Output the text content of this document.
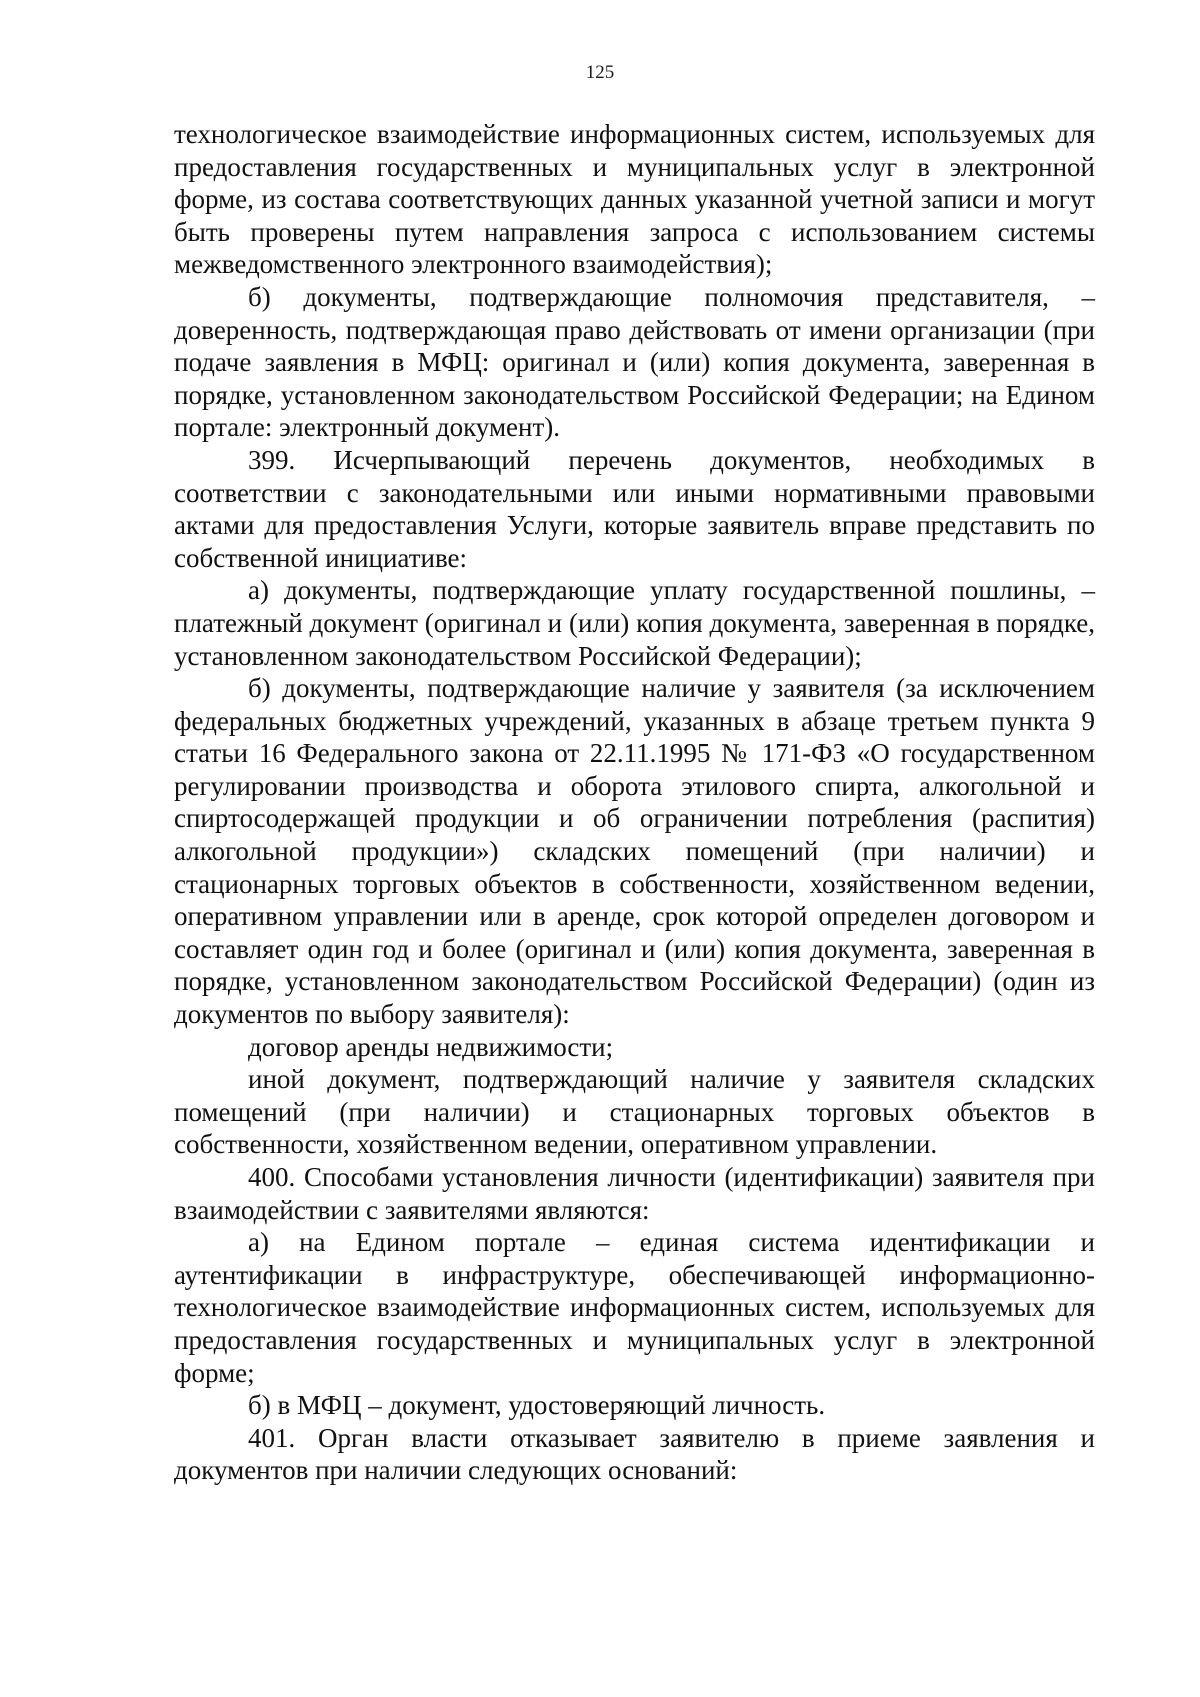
125

технологическое взаимодействие информационных систем, используемых для предоставления государственных и муниципальных услуг в электронной форме, из состава соответствующих данных указанной учетной записи и могут быть проверены путем направления запроса с использованием системы межведомственного электронного взаимодействия);

б) документы, подтверждающие полномочия представителя, – доверенность, подтверждающая право действовать от имени организации (при подаче заявления в МФЦ: оригинал и (или) копия документа, заверенная в порядке, установленном законодательством Российской Федерации; на Едином портале: электронный документ).

399. Исчерпывающий перечень документов, необходимых в соответствии с законодательными или иными нормативными правовыми актами для предоставления Услуги, которые заявитель вправе представить по собственной инициативе:

а) документы, подтверждающие уплату государственной пошлины, – платежный документ (оригинал и (или) копия документа, заверенная в порядке, установленном законодательством Российской Федерации);

б) документы, подтверждающие наличие у заявителя (за исключением федеральных бюджетных учреждений, указанных в абзаце третьем пункта 9 статьи 16 Федерального закона от 22.11.1995 № 171-ФЗ «О государственном регулировании производства и оборота этилового спирта, алкогольной и спиртосодержащей продукции и об ограничении потребления (распития) алкогольной продукции») складских помещений (при наличии) и стационарных торговых объектов в собственности, хозяйственном ведении, оперативном управлении или в аренде, срок которой определен договором и составляет один год и более (оригинал и (или) копия документа, заверенная в порядке, установленном законодательством Российской Федерации) (один из документов по выбору заявителя):

договор аренды недвижимости;

иной документ, подтверждающий наличие у заявителя складских помещений (при наличии) и стационарных торговых объектов в собственности, хозяйственном ведении, оперативном управлении.

400. Способами установления личности (идентификации) заявителя при взаимодействии с заявителями являются:

а) на Едином портале – единая система идентификации и аутентификации в инфраструктуре, обеспечивающей информационно-технологическое взаимодействие информационных систем, используемых для предоставления государственных и муниципальных услуг в электронной форме;

б) в МФЦ – документ, удостоверяющий личность.

401. Орган власти отказывает заявителю в приеме заявления и документов при наличии следующих оснований:
